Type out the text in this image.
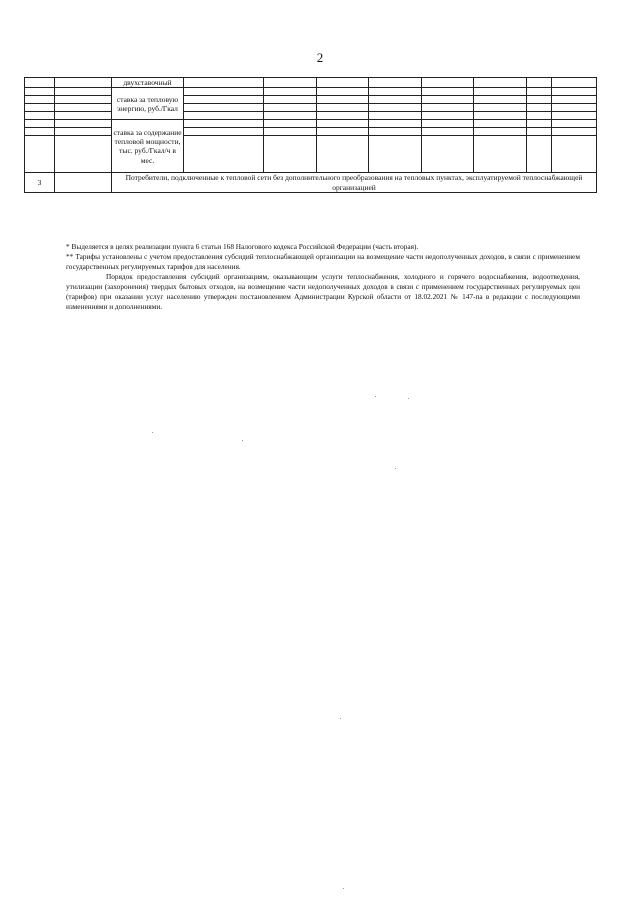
2
		двухставочный								
		ставка за тепловую энергию, руб./Гкал								

		ставка за содержание тепловой мощности, тыс. руб./Гкал/ч в мес.								

3		Потребители, подключенные к тепловой сети без дополнительного преобразования на тепловых пунктах, эксплуатируемой теплоснабжающей организацией								

* Выделяется в целях реализации пункта 6 статьи 168 Налогового кодекса Российской Федерации (часть вторая).

** Тарифы установлены с учетом предоставления субсидий теплоснабжающей организации на возмещение части недополученных доходов, в связи с применением государственных регулируемых тарифов для населения.

Порядок предоставления субсидий организациям, оказывающим услуги теплоснабжения, холодного и горячего водоснабжения, водоотведения, утилизации (захоронения) твердых бытовых отходов, на возмещение части недополученных доходов в связи с применением государственных регулируемых цен (тарифов) при оказании услуг населению утвержден постановлением Администрации Курской области от 18.02.2021 № 147-па в редакции с последующими изменениями и дополнениями.
